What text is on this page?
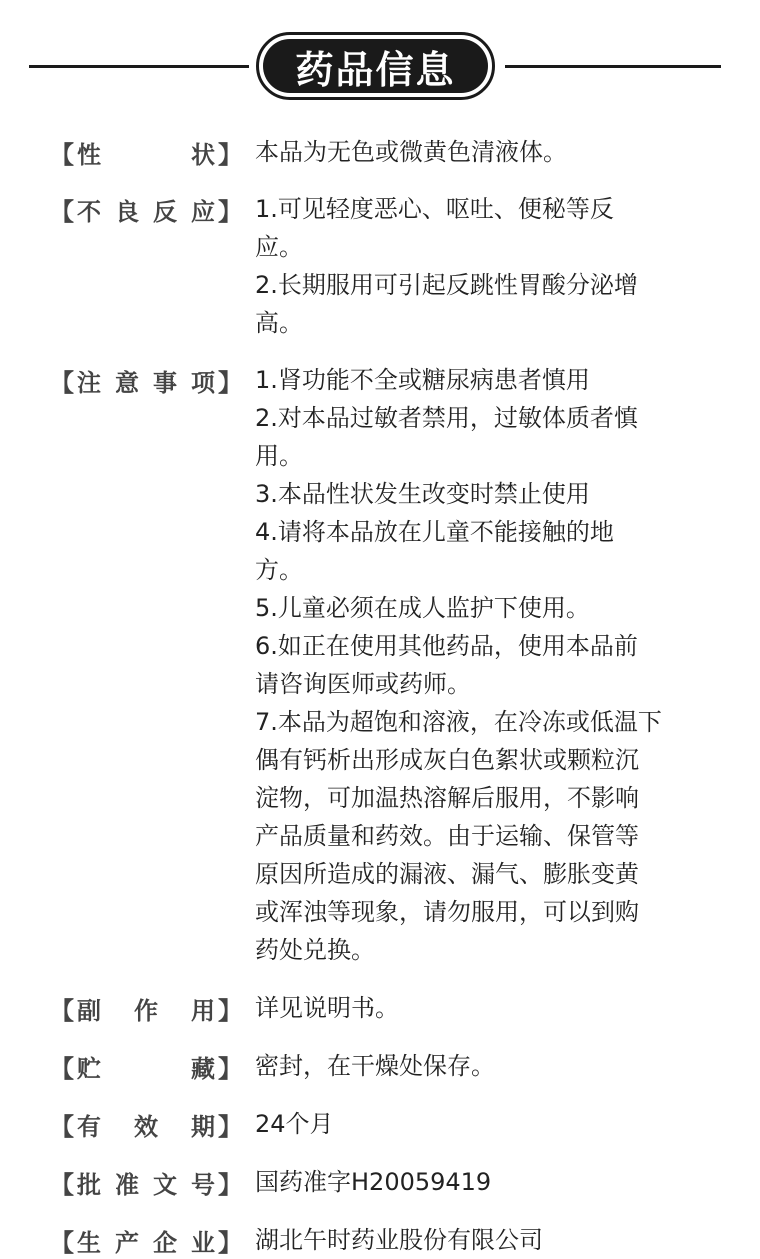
药品信息
【 性	状 】 本品为无色或微黄色清液体。
【 不 良 反 应 】 1.可见轻度恶心、呕吐、便秘等反
应。
2.长期服用可引起反跳性胃酸分泌增
高。
【 注 意 事 项 】 1.肾功能不全或糖尿病患者慎用
2.对本品过敏者禁用，过敏体质者慎
用。
3.本品性状发生改变时禁止使用
4.请将本品放在儿童不能接触的地
方。
5.儿童必须在成人监护下使用。
6.如正在使用其他药品，使用本品前
请咨询医师或药师。
7.本品为超饱和溶液，在冷冻或低温下
偶有钙析出形成灰白色絮状或颗粒沉
淀物，可加温热溶解后服用，不影响
产品质量和药效。由于运输、保管等
原因所造成的漏液、漏气、膨胀变黄
或浑浊等现象，请勿服用，可以到购
药处兑换。
【 副 作 用 】 详见说明书。
【 贮	藏 】 密封，在干燥处保存。
【 有 效 期 】 24个月
【 批 准 文 号 】 国药准字H20059419
【 生 产 企 业 】 湖北午时药业股份有限公司
